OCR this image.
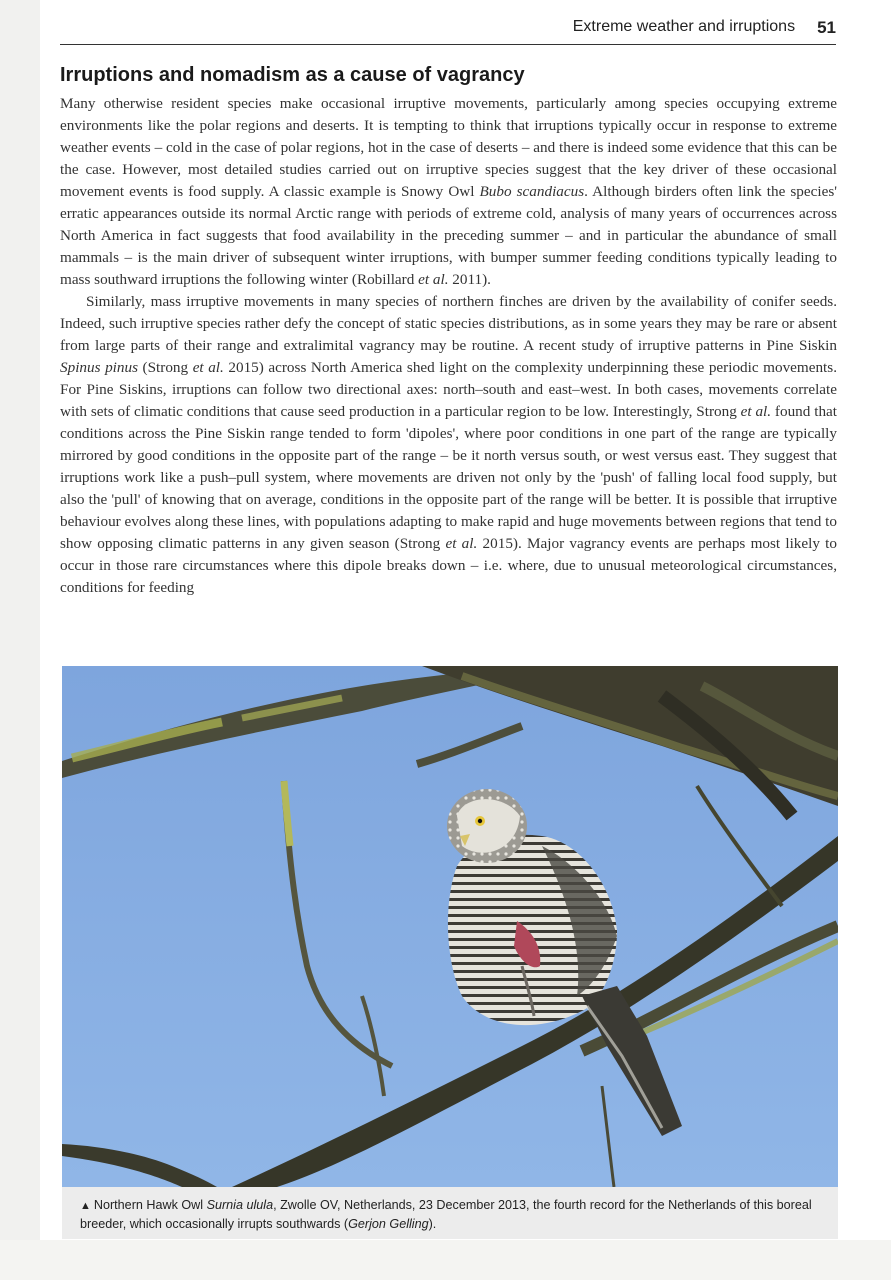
Extreme weather and irruptions 51
Irruptions and nomadism as a cause of vagrancy

Many otherwise resident species make occasional irruptive movements, particularly among species occupying extreme environments like the polar regions and deserts. It is tempting to think that irruptions typically occur in response to extreme weather events – cold in the case of polar regions, hot in the case of deserts – and there is indeed some evidence that this can be the case. However, most detailed studies carried out on irruptive species suggest that the key driver of these occasional movement events is food supply. A classic example is Snowy Owl Bubo scandiacus. Although birders often link the species' erratic appearances outside its normal Arctic range with periods of extreme cold, analysis of many years of occurrences across North America in fact suggests that food availability in the preceding summer – and in particular the abundance of small mammals – is the main driver of subsequent winter irruptions, with bumper summer feeding conditions typically leading to mass southward irruptions the following winter (Robillard et al. 2011).

Similarly, mass irruptive movements in many species of northern finches are driven by the availability of conifer seeds. Indeed, such irruptive species rather defy the concept of static species distributions, as in some years they may be rare or absent from large parts of their range and extralimital vagrancy may be routine. A recent study of irruptive patterns in Pine Siskin Spinus pinus (Strong et al. 2015) across North America shed light on the complexity underpinning these periodic movements. For Pine Siskins, irruptions can follow two directional axes: north–south and east–west. In both cases, movements correlate with sets of climatic conditions that cause seed production in a particular region to be low. Interestingly, Strong et al. found that conditions across the Pine Siskin range tended to form 'dipoles', where poor conditions in one part of the range are typically mirrored by good conditions in the opposite part of the range – be it north versus south, or west versus east. They suggest that irruptions work like a push–pull system, where movements are driven not only by the 'push' of falling local food supply, but also the 'pull' of knowing that on average, conditions in the opposite part of the range will be better. It is possible that irruptive behaviour evolves along these lines, with populations adapting to make rapid and huge movements between regions that tend to show opposing climatic patterns in any given season (Strong et al. 2015). Major vagrancy events are perhaps most likely to occur in those rare circumstances where this dipole breaks down – i.e. where, due to unusual meteorological circumstances, conditions for feeding

▲ Northern Hawk Owl Surnia ulula, Zwolle OV, Netherlands, 23 December 2013, the fourth record for the Netherlands of this boreal breeder, which occasionally irrupts southwards (Gerjon Gelling).
